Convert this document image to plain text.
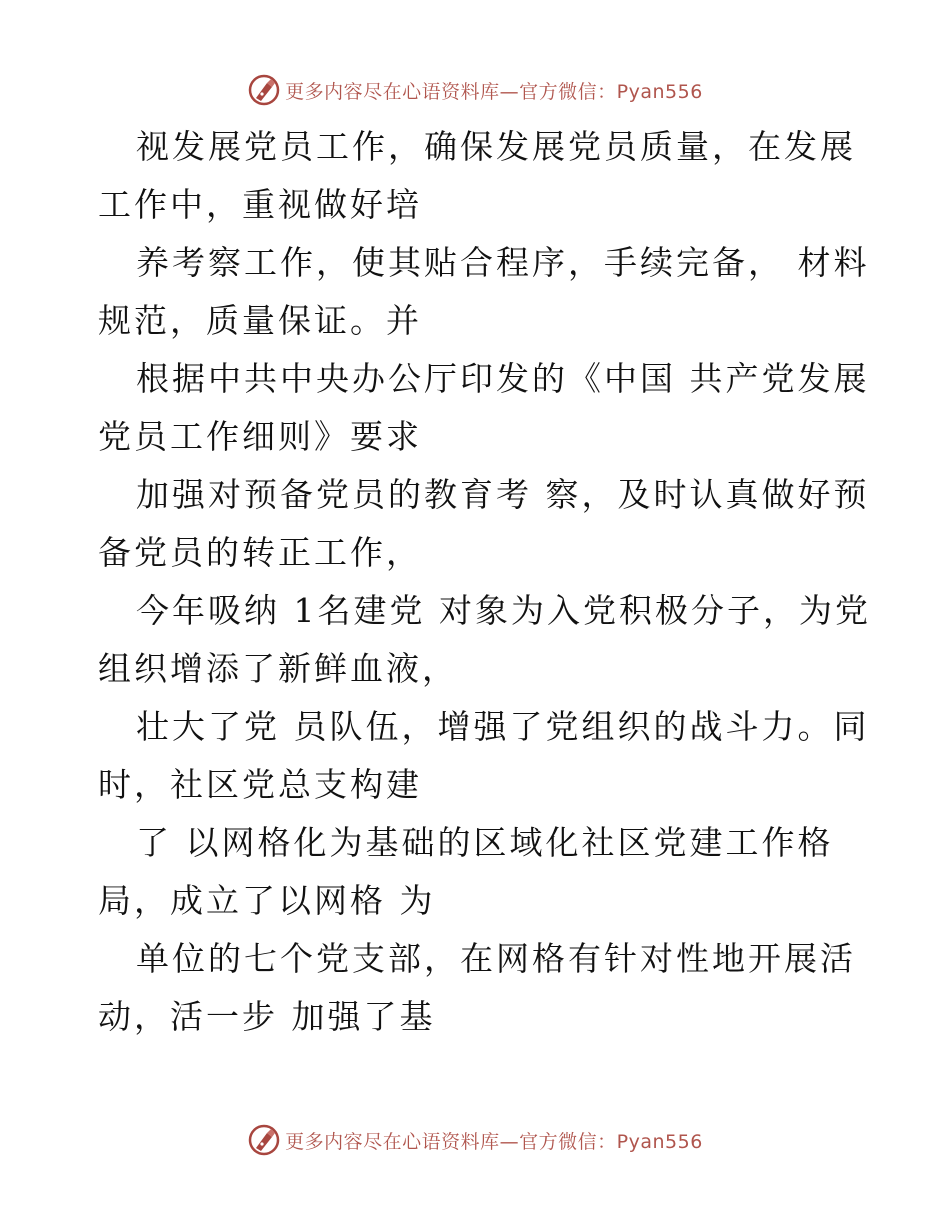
更多内容尽在心语资料库—官方微信：Pyan556

视发展党员工作，确保发展党员质量，在发展
工作中，重视做好培

养考察工作，使其贴合程序，手续完备， 材料
规范，质量保证。并

根据中共中央办公厅印发的《中国 共产党发展
党员工作细则》要求

加强对预备党员的教育考 察，及时认真做好预
备党员的转正工作，

今年吸纳 1名建党 对象为入党积极分子，为党
组织增添了新鲜血液，

壮大了党 员队伍，增强了党组织的战斗力。同
时，社区党总支构建

了 以网格化为基础的区域化社区党建工作格
局，成立了以网格 为

单位的七个党支部，在网格有针对性地开展活
动，活一步 加强了基

更多内容尽在心语资料库—官方微信：Pyan556
